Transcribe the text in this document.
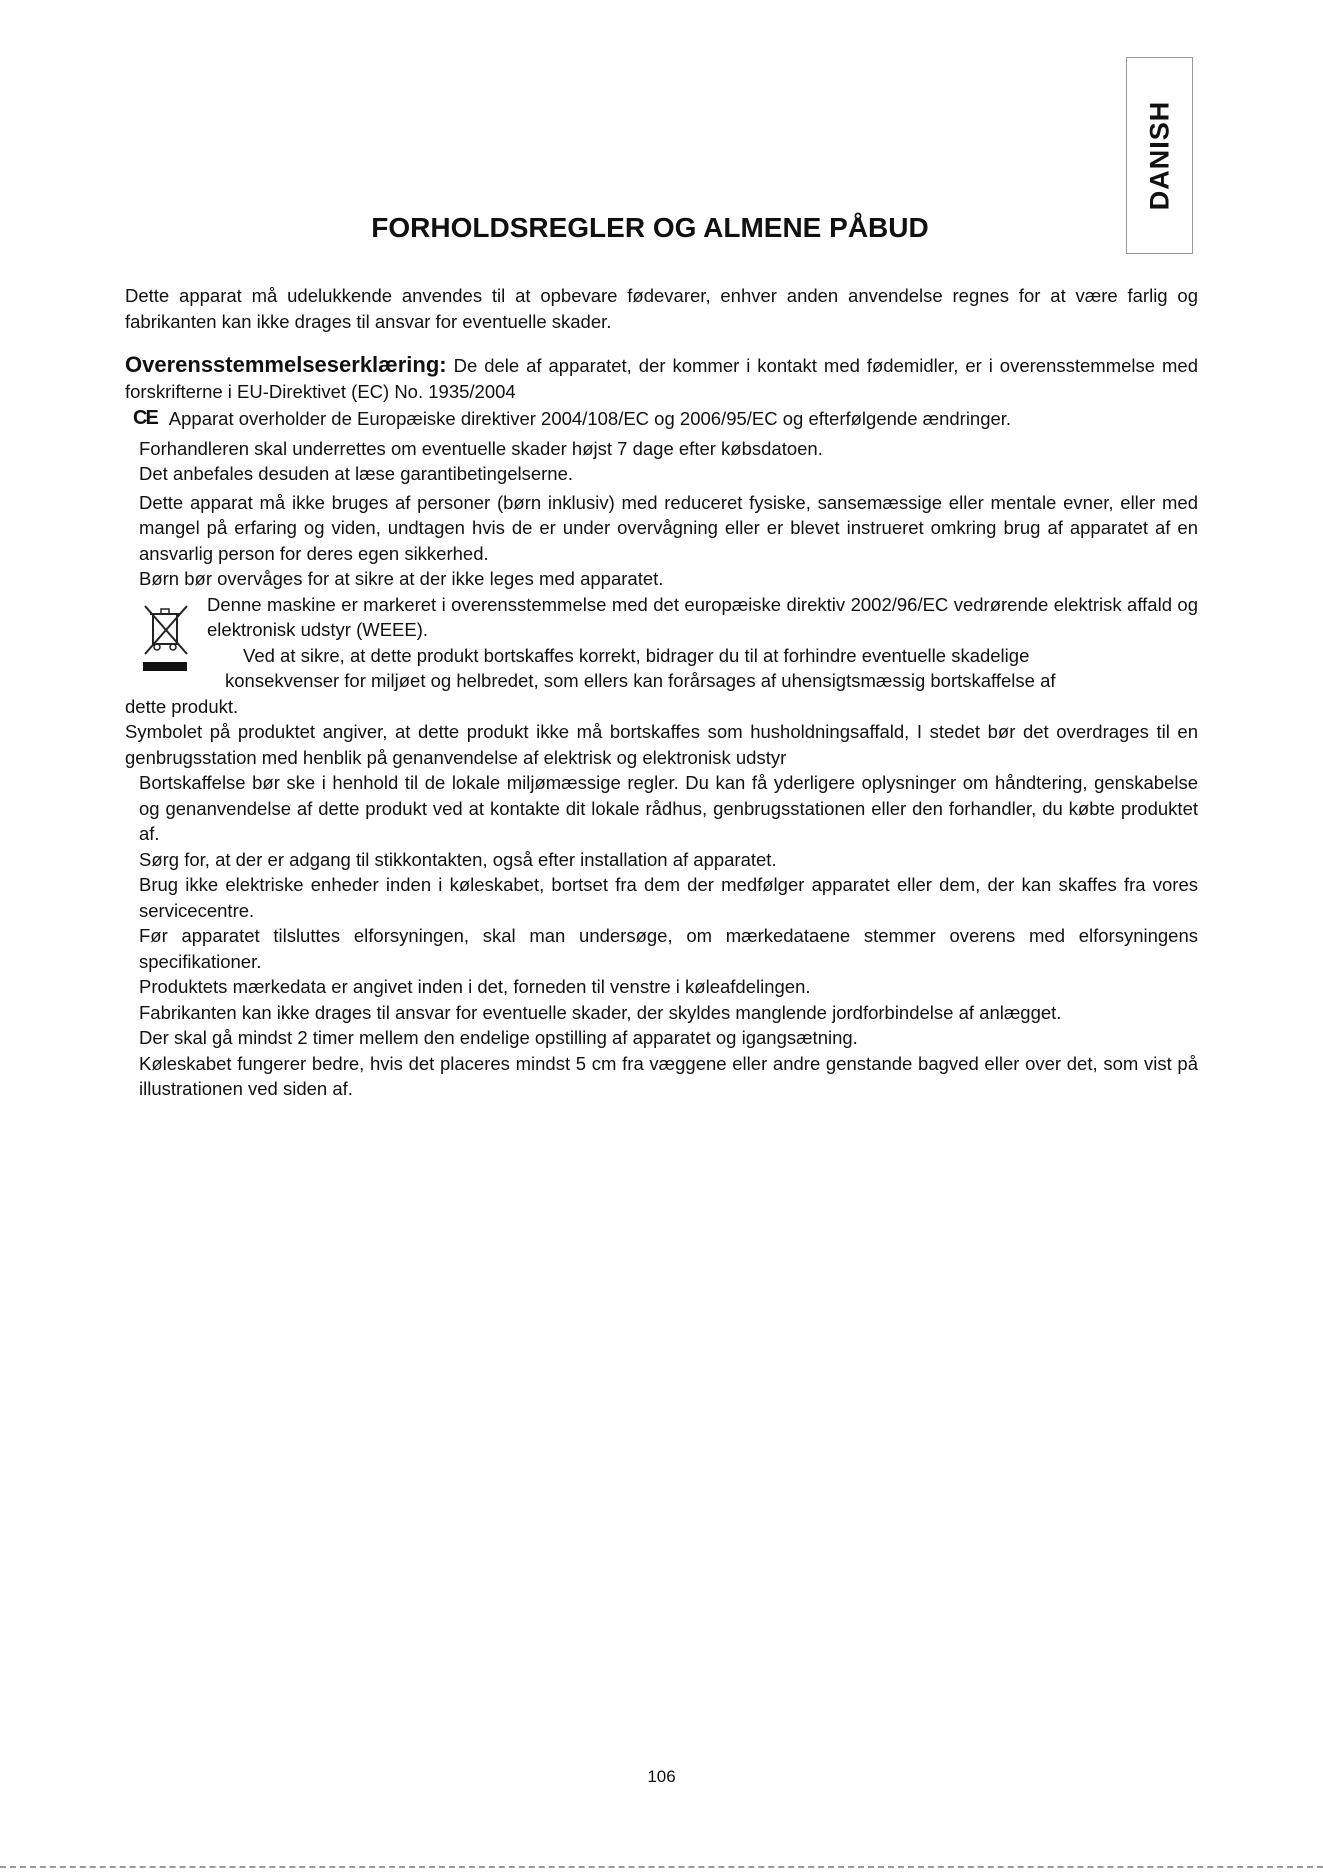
DANISH
FORHOLDSREGLER OG ALMENE PÅBUD

Dette apparat må udelukkende anvendes til at opbevare fødevarer, enhver anden anvendelse regnes for at være farlig og fabrikanten kan ikke drages til ansvar for eventuelle skader.

Overensstemmelseserklæring: De dele af apparatet, der kommer i kontakt med fødemidler, er i overensstemmelse med forskrifterne i EU-Direktivet (EC) No. 1935/2004

CE Apparat overholder de Europæiske direktiver 2004/108/EC og 2006/95/EC og efterfølgende ændringer.

Forhandleren skal underrettes om eventuelle skader højst 7 dage efter købsdatoen.

Det anbefales desuden at læse garantibetingelserne.

Dette apparat må ikke bruges af personer (børn inklusiv) med reduceret fysiske, sansemæssige eller mentale evner, eller med mangel på erfaring og viden, undtagen hvis de er under overvågning eller er blevet instrueret omkring brug af apparatet af en ansvarlig person for deres egen sikkerhed.

Børn bør overvåges for at sikre at der ikke leges med apparatet.

Denne maskine er markeret i overensstemmelse med det europæiske direktiv 2002/96/EC vedrørende elektrisk affald og elektronisk udstyr (WEEE).

Ved at sikre, at dette produkt bortskaffes korrekt, bidrager du til at forhindre eventuelle skadelige

konsekvenser for miljøet og helbredet, som ellers kan forårsages af uhensigtsmæssig bortskaffelse af

dette produkt.

Symbolet på produktet angiver, at dette produkt ikke må bortskaffes som husholdningsaffald, I stedet bør det overdrages til en genbrugsstation med henblik på genanvendelse af elektrisk og elektronisk udstyr

Bortskaffelse bør ske i henhold til de lokale miljømæssige regler. Du kan få yderligere oplysninger om håndtering, genskabelse og genanvendelse af dette produkt ved at kontakte dit lokale rådhus, genbrugsstationen eller den forhandler, du købte produktet af.

Sørg for, at der er adgang til stikkontakten, også efter installation af apparatet.

Brug ikke elektriske enheder inden i køleskabet, bortset fra dem der medfølger apparatet eller dem, der kan skaffes fra vores servicecentre.

Før apparatet tilsluttes elforsyningen, skal man undersøge, om mærkedataene stemmer overens med elforsyningens specifikationer.

Produktets mærkedata er angivet inden i det, forneden til venstre i køleafdelingen.

Fabrikanten kan ikke drages til ansvar for eventuelle skader, der skyldes manglende jordforbindelse af anlægget.

Der skal gå mindst 2 timer mellem den endelige opstilling af apparatet og igangsætning.

Køleskabet fungerer bedre, hvis det placeres mindst 5 cm fra væggene eller andre genstande bagved eller over det, som vist på illustrationen ved siden af.

106
